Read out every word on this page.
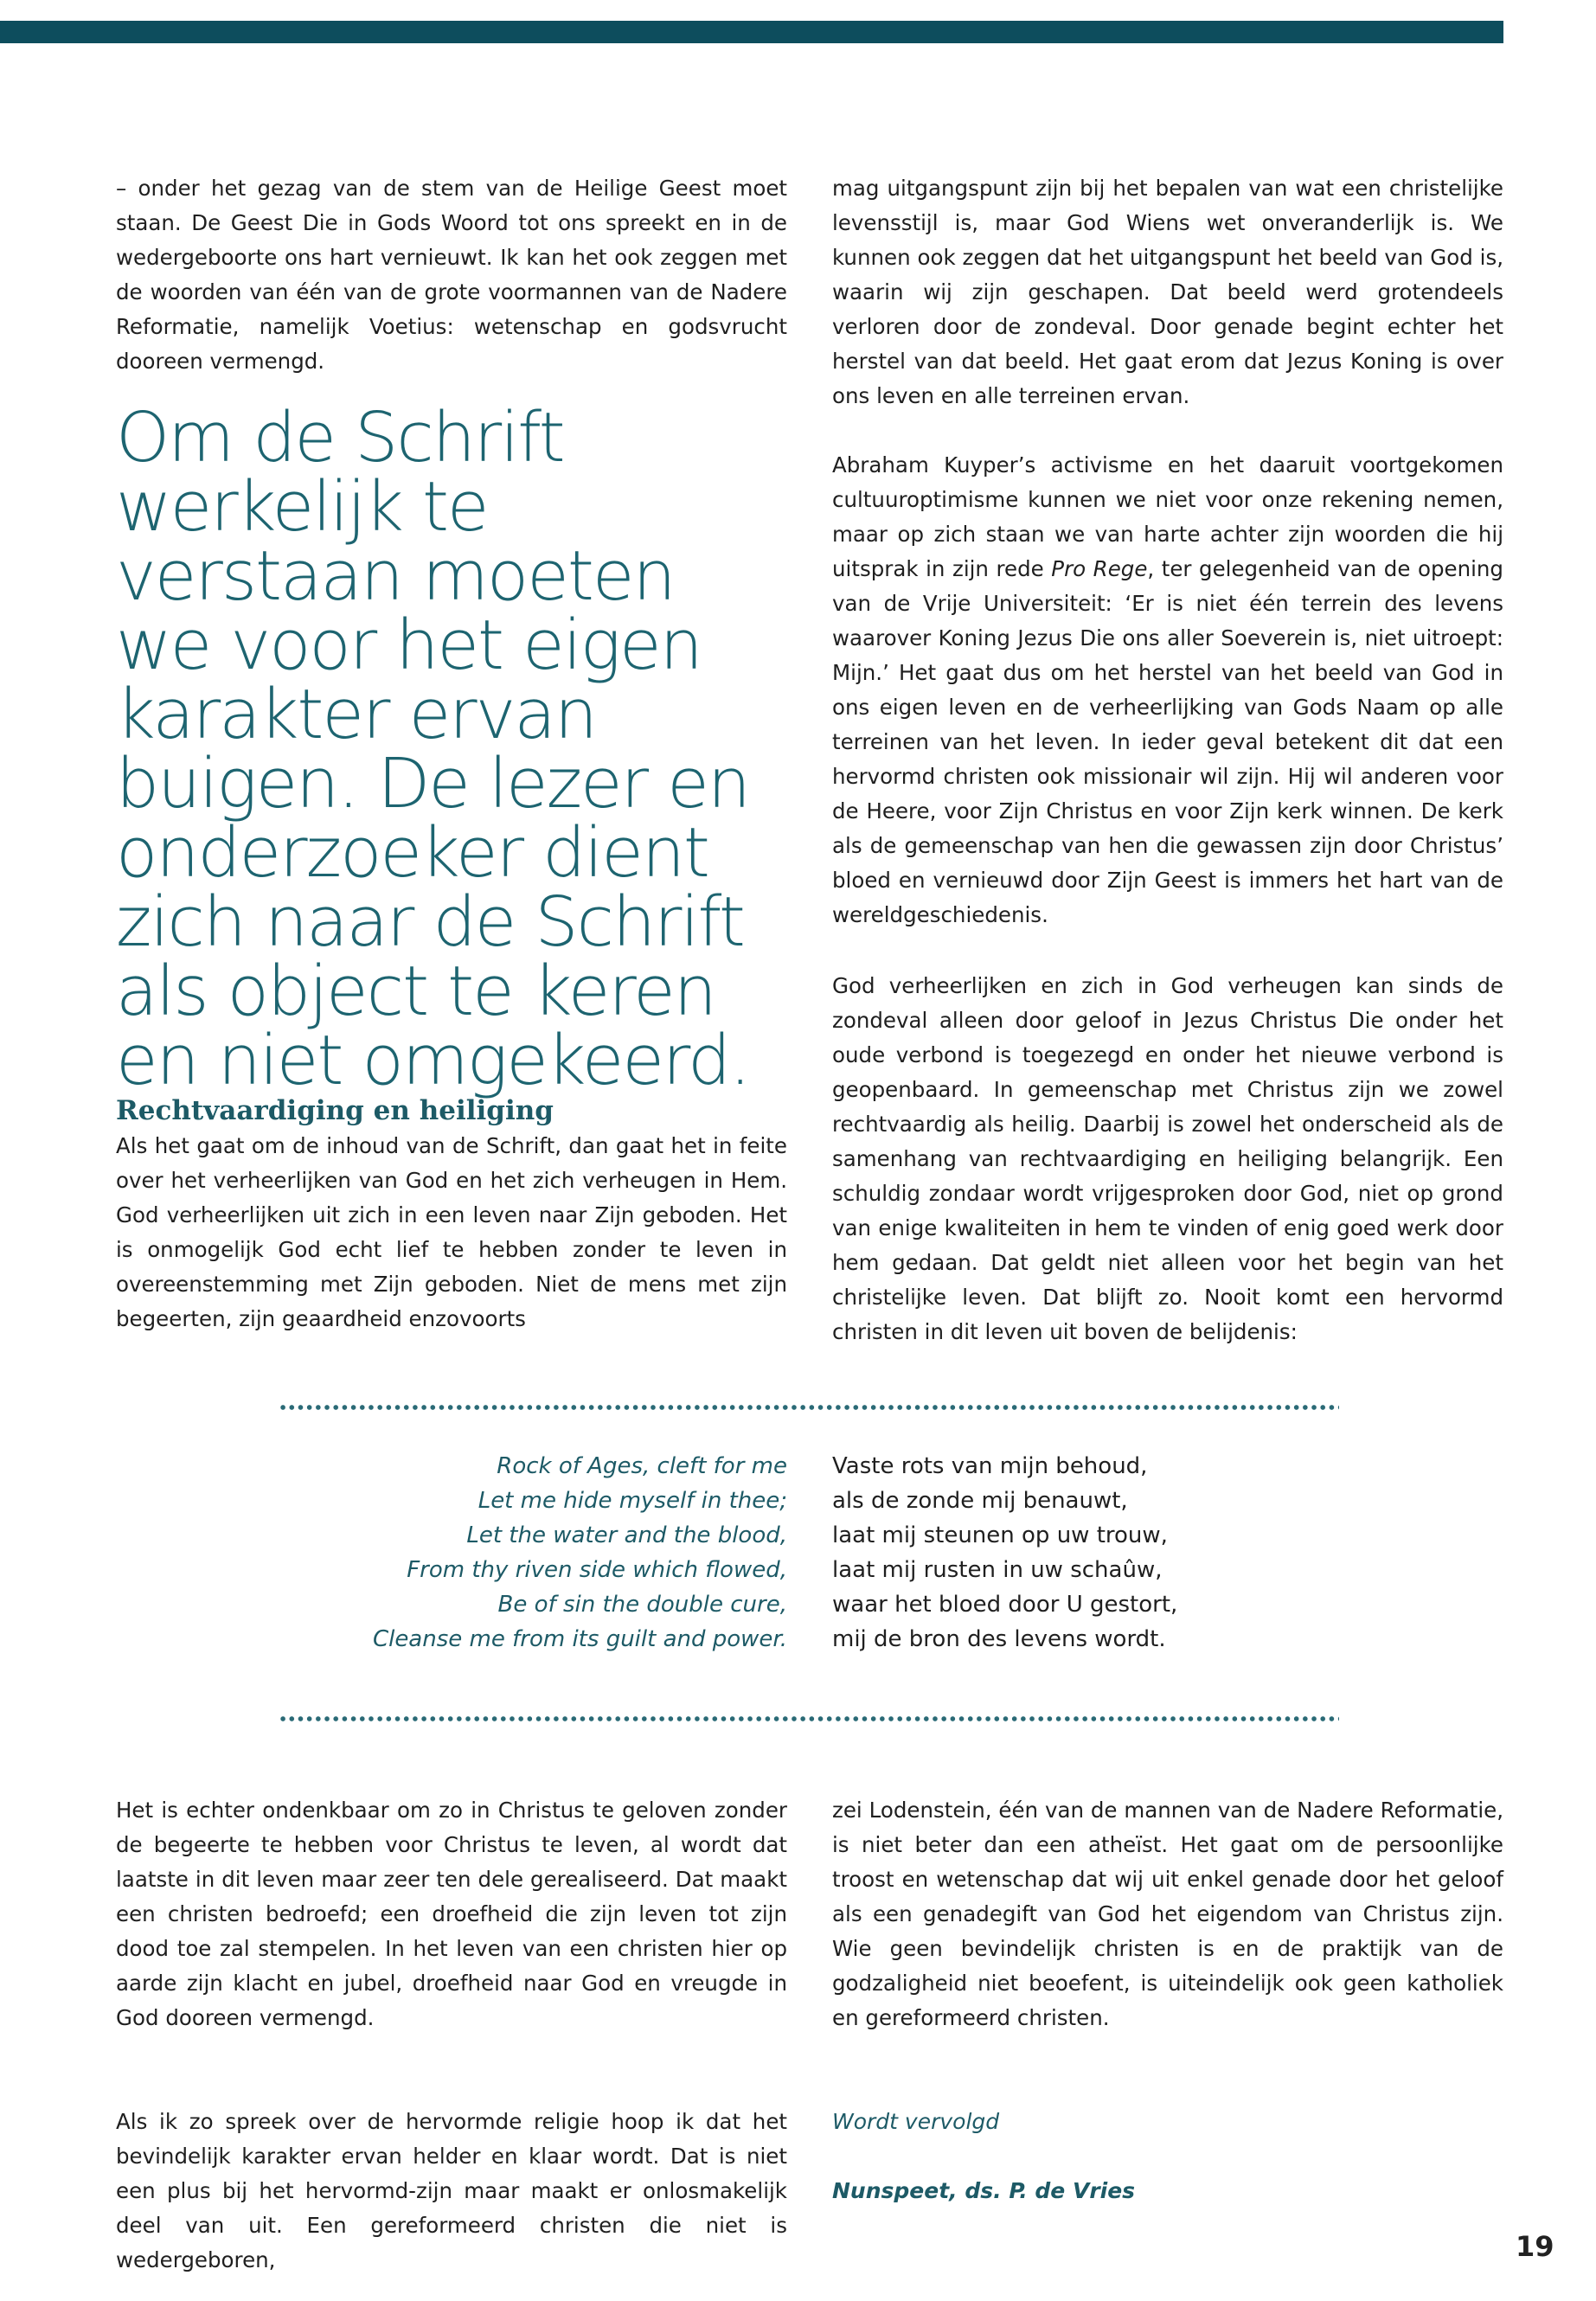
– onder het gezag van de stem van de Heilige Geest moet staan. De Geest Die in Gods Woord tot ons spreekt en in de wedergeboorte ons hart vernieuwt. Ik kan het ook zeggen met de woorden van één van de grote voormannen van de Nadere Reformatie, namelijk Voetius: wetenschap en godsvrucht dooreen vermengd.

Om de Schrift werkelijk te verstaan moeten we voor het eigen karakter ervan buigen. De lezer en onderzoeker dient zich naar de Schrift als object te keren en niet omgekeerd.

Rechtvaardiging en heiliging

Als het gaat om de inhoud van de Schrift, dan gaat het in feite over het verheerlijken van God en het zich verheugen in Hem. God verheerlijken uit zich in een leven naar Zijn geboden. Het is onmogelijk God echt lief te hebben zonder te leven in overeenstemming met Zijn geboden. Niet de mens met zijn begeerten, zijn geaardheid enzovoorts

mag uitgangspunt zijn bij het bepalen van wat een christelijke levensstijl is, maar God Wiens wet onveranderlijk is. We kunnen ook zeggen dat het uitgangspunt het beeld van God is, waarin wij zijn geschapen. Dat beeld werd grotendeels verloren door de zondeval. Door genade begint echter het herstel van dat beeld. Het gaat erom dat Jezus Koning is over ons leven en alle terreinen ervan.

Abraham Kuyper’s activisme en het daaruit voortgekomen cultuuroptimisme kunnen we niet voor onze rekening nemen, maar op zich staan we van harte achter zijn woorden die hij uitsprak in zijn rede Pro Rege, ter gelegenheid van de opening van de Vrije Universiteit: ‘Er is niet één terrein des levens waarover Koning Jezus Die ons aller Soeverein is, niet uitroept: Mijn.’ Het gaat dus om het herstel van het beeld van God in ons eigen leven en de verheerlijking van Gods Naam op alle terreinen van het leven. In ieder geval betekent dit dat een hervormd christen ook missionair wil zijn. Hij wil anderen voor de Heere, voor Zijn Christus en voor Zijn kerk winnen. De kerk als de gemeenschap van hen die gewassen zijn door Christus’ bloed en vernieuwd door Zijn Geest is immers het hart van de wereldgeschiedenis.

God verheerlijken en zich in God verheugen kan sinds de zondeval alleen door geloof in Jezus Christus Die onder het oude verbond is toegezegd en onder het nieuwe verbond is geopenbaard. In gemeenschap met Christus zijn we zowel rechtvaardig als heilig. Daarbij is zowel het onderscheid als de samenhang van rechtvaardiging en heiliging belangrijk. Een schuldig zondaar wordt vrijgesproken door God, niet op grond van enige kwaliteiten in hem te vinden of enig goed werk door hem gedaan. Dat geldt niet alleen voor het begin van het christelijke leven. Dat blijft zo. Nooit komt een hervormd christen in dit leven uit boven de belijdenis:

Rock of Ages, cleft for me
Let me hide myself in thee;
Let the water and the blood,
From thy riven side which flowed,
Be of sin the double cure,
Cleanse me from its guilt and power.
Vaste rots van mijn behoud,
als de zonde mij benauwt,
laat mij steunen op uw trouw,
laat mij rusten in uw schaûw,
waar het bloed door U gestort,
mij de bron des levens wordt.

Het is echter ondenkbaar om zo in Christus te geloven zonder de begeerte te hebben voor Christus te leven, al wordt dat laatste in dit leven maar zeer ten dele gerealiseerd. Dat maakt een christen bedroefd; een droefheid die zijn leven tot zijn dood toe zal stempelen. In het leven van een christen hier op aarde zijn klacht en jubel, droefheid naar God en vreugde in God dooreen vermengd.

Als ik zo spreek over de hervormde religie hoop ik dat het bevindelijk karakter ervan helder en klaar wordt. Dat is niet een plus bij het hervormd-zijn maar maakt er onlosmakelijk deel van uit. Een gereformeerd christen die niet is wedergeboren,

zei Lodenstein, één van de mannen van de Nadere Reformatie, is niet beter dan een atheïst. Het gaat om de persoonlijke troost en wetenschap dat wij uit enkel genade door het geloof als een genadegift van God het eigendom van Christus zijn. Wie geen bevindelijk christen is en de praktijk van de godzaligheid niet beoefent, is uiteindelijk ook geen katholiek en gereformeerd christen.

Wordt vervolgd

Nunspeet, ds. P. de Vries

19
